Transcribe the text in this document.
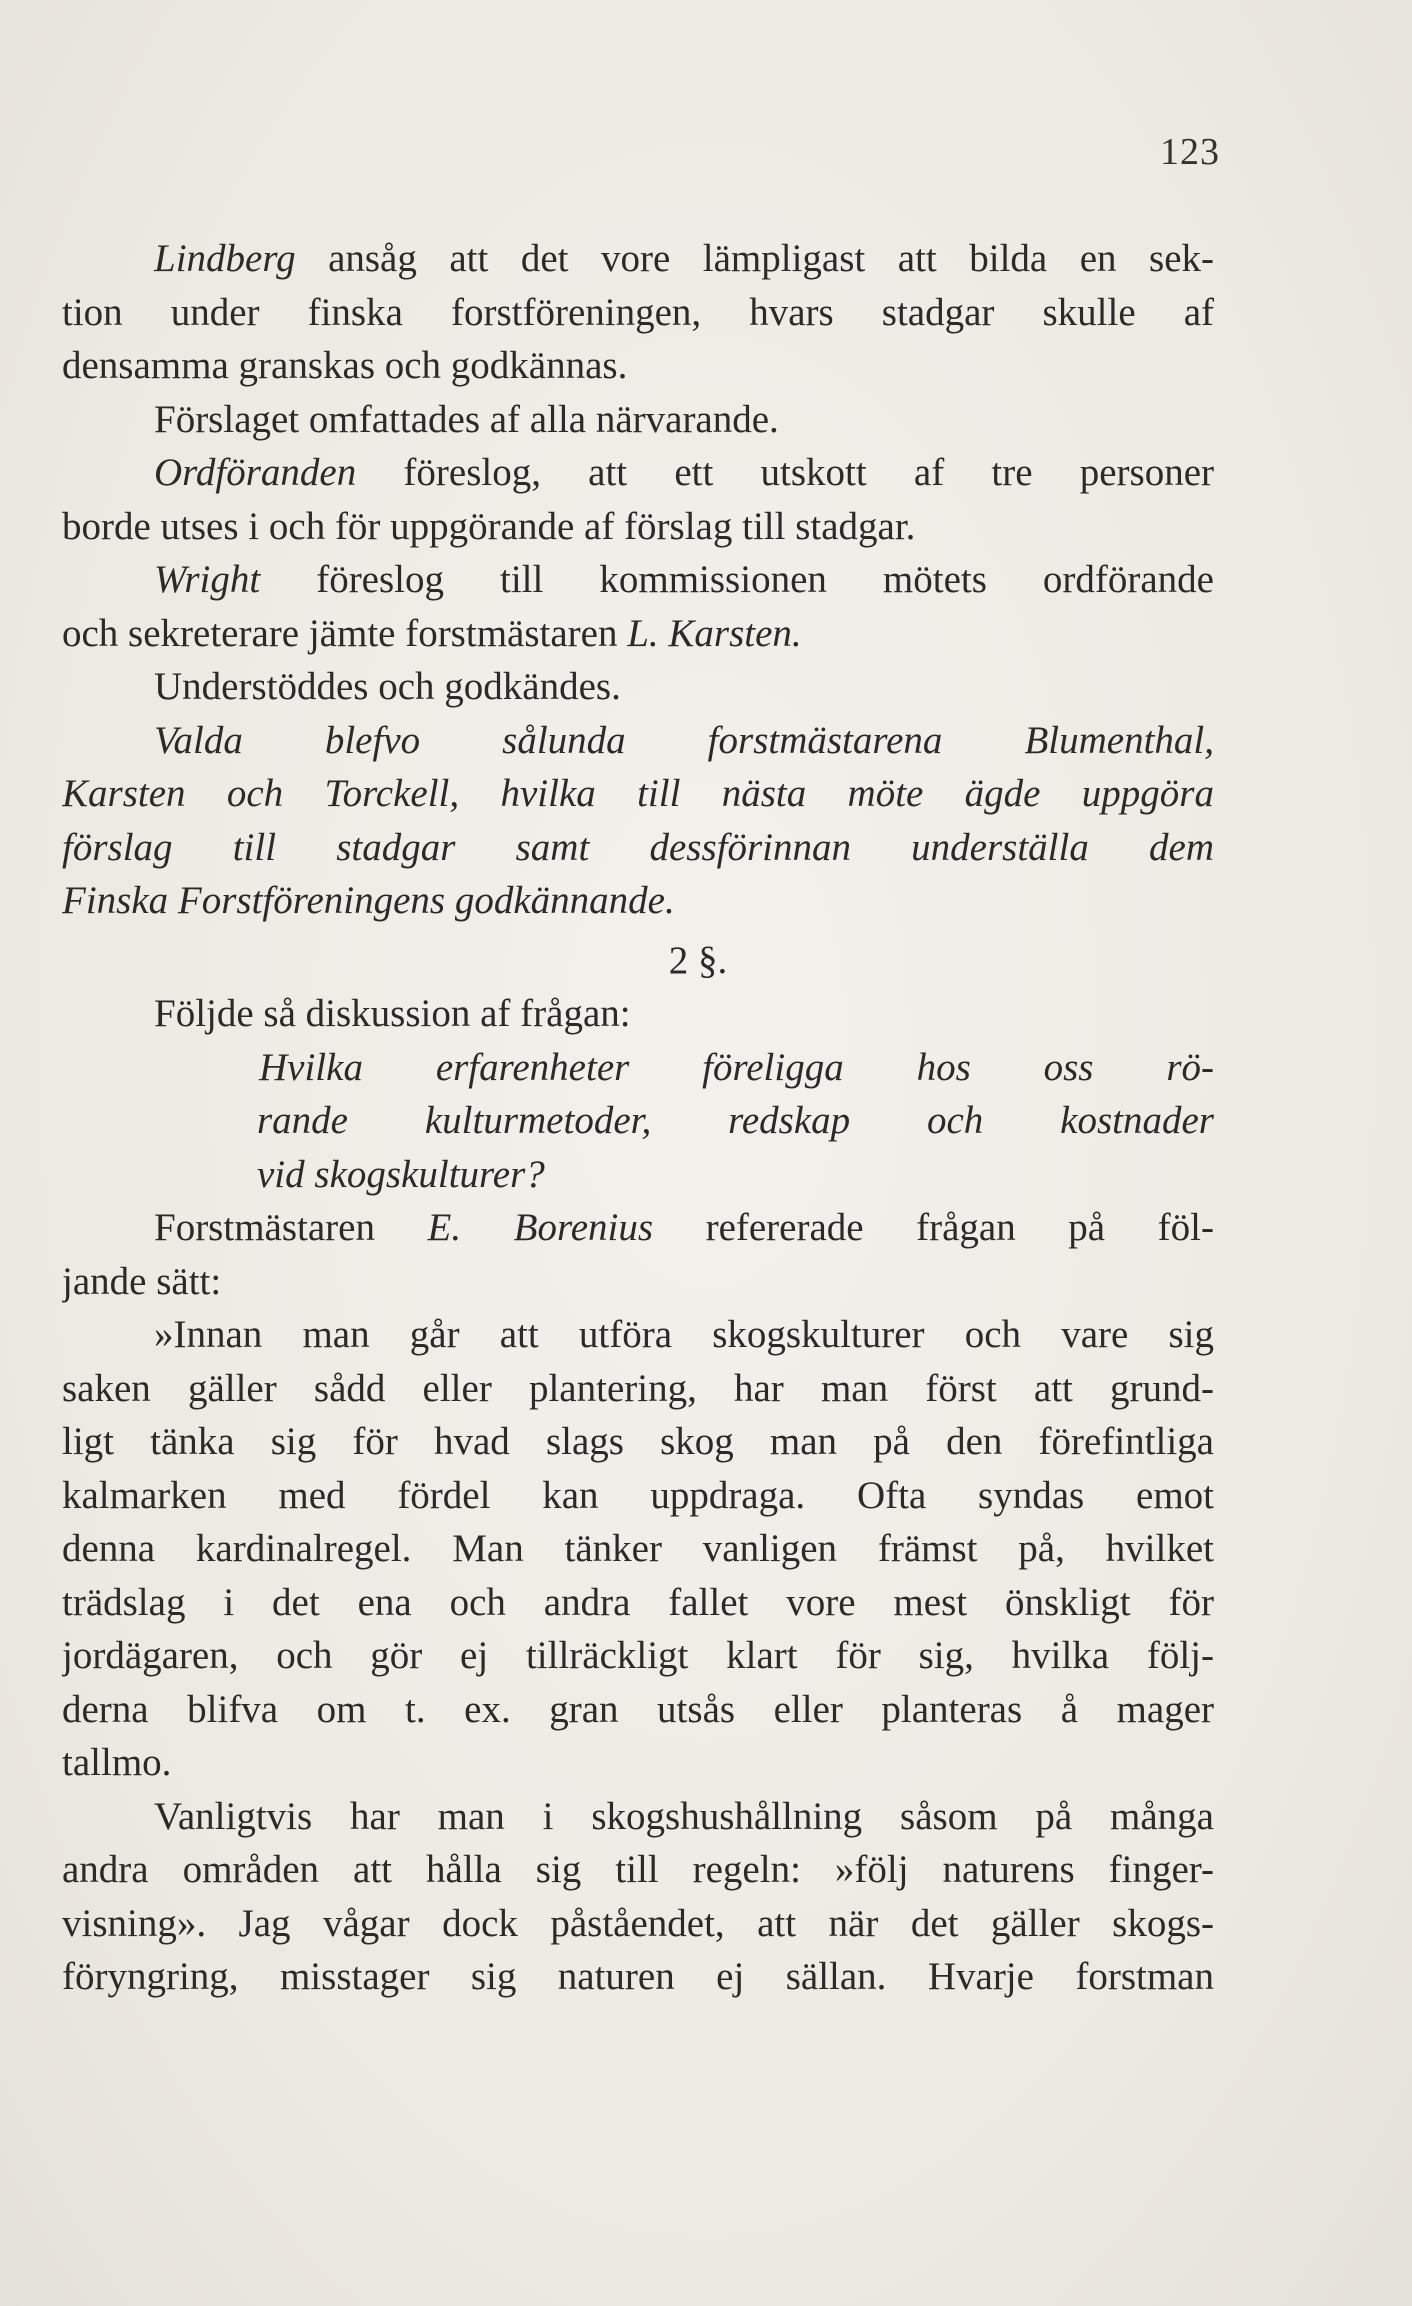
123
Lindberg ansåg att det vore lämpligast att bilda en sek-
tion under finska forstföreningen, hvars stadgar skulle af
densamma granskas och godkännas.
Förslaget omfattades af alla närvarande.
Ordföranden föreslog, att ett utskott af tre personer
borde utses i och för uppgörande af förslag till stadgar.
Wright föreslog till kommissionen mötets ordförande
och sekreterare jämte forstmästaren L. Karsten.
Understöddes och godkändes.
Valda blefvo sålunda forstmästarena Blumenthal,
Karsten och Torckell, hvilka till nästa möte ägde uppgöra
förslag till stadgar samt dessförinnan underställa dem
Finska Forstföreningens godkännande.
2 §.
Följde så diskussion af frågan:
Hvilka erfarenheter föreligga hos oss rö-
rande kulturmetoder, redskap och kostnader
vid skogskulturer?
Forstmästaren E. Borenius refererade frågan på föl-
jande sätt:
»Innan man går att utföra skogskulturer och vare sig
saken gäller sådd eller plantering, har man först att grund-
ligt tänka sig för hvad slags skog man på den förefintliga
kalmarken med fördel kan uppdraga. Ofta syndas emot
denna kardinalregel. Man tänker vanligen främst på, hvilket
trädslag i det ena och andra fallet vore mest önskligt för
jordägaren, och gör ej tillräckligt klart för sig, hvilka följ-
derna blifva om t. ex. gran utsås eller planteras å mager
tallmo.
Vanligtvis har man i skogshushållning såsom på många
andra områden att hålla sig till regeln: »följ naturens finger-
visning». Jag vågar dock påståendet, att när det gäller skogs-
föryngring, misstager sig naturen ej sällan. Hvarje forstman
